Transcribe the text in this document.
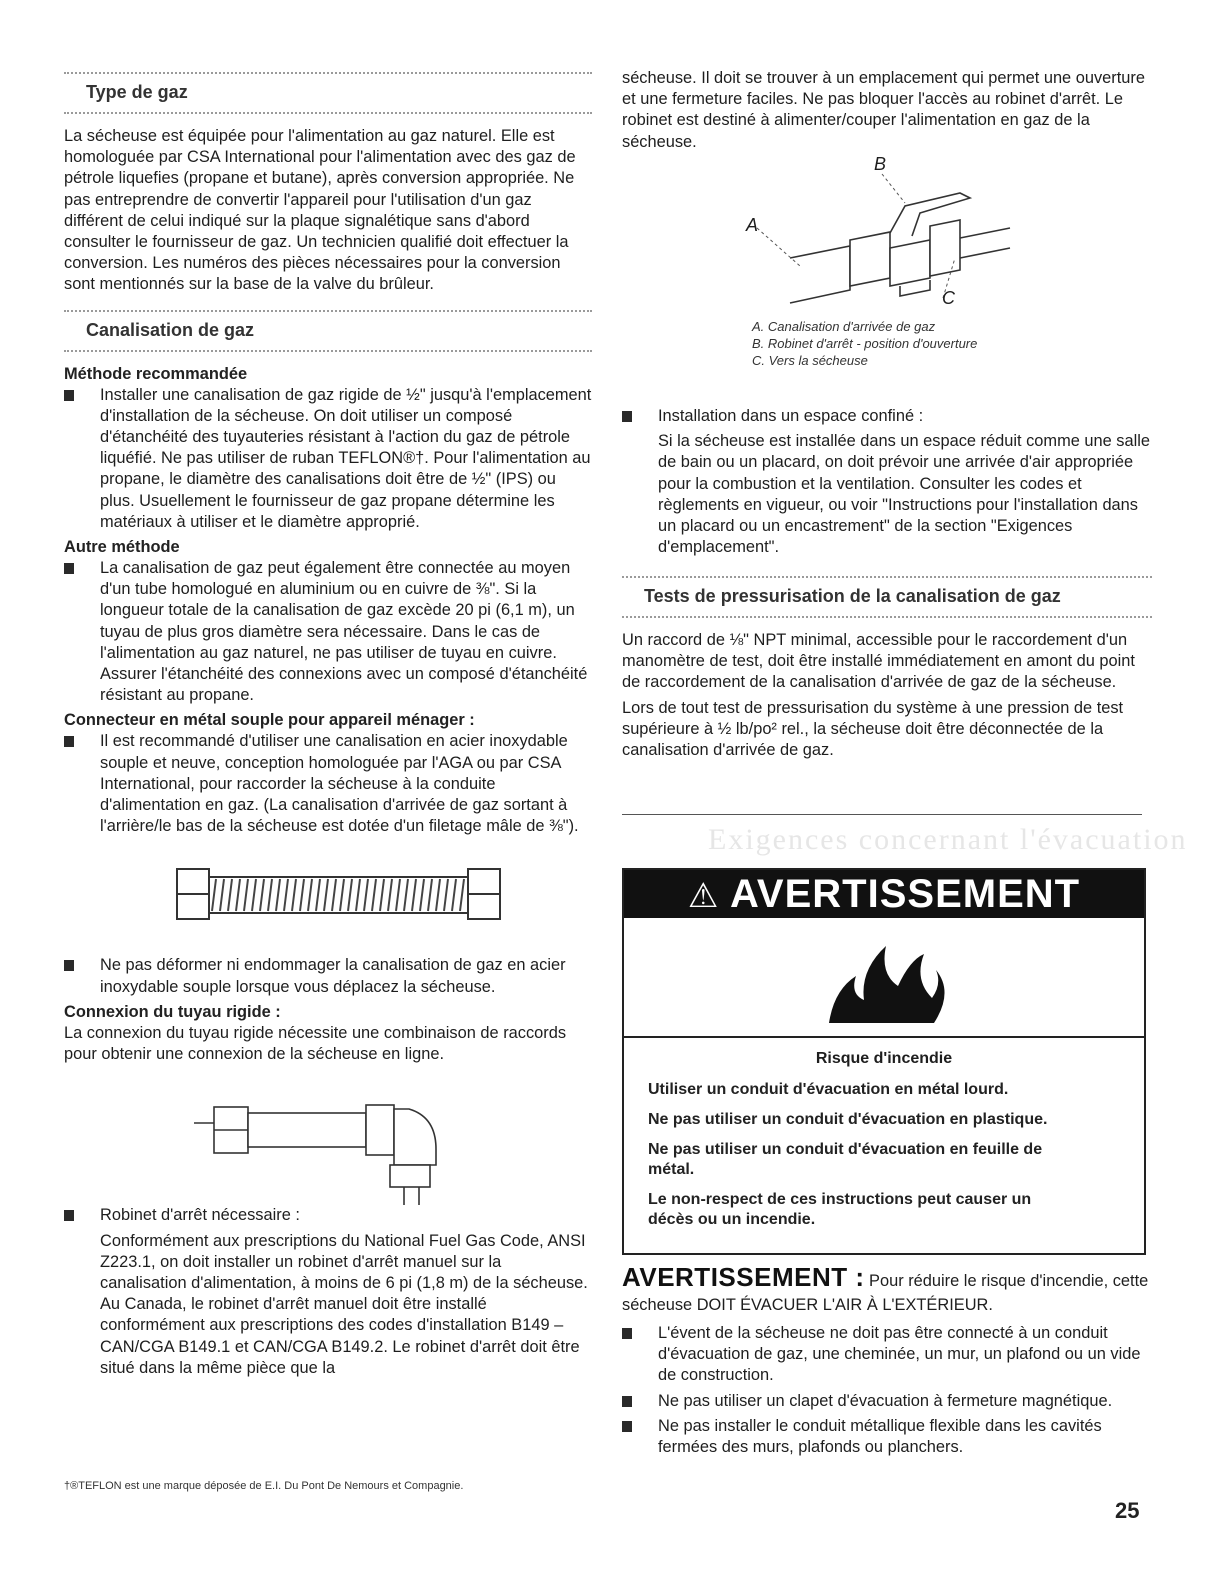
Type de gaz

La sécheuse est équipée pour l'alimentation au gaz naturel. Elle est homologuée par CSA International pour l'alimentation avec des gaz de pétrole liquefies (propane et butane), après conversion appropriée. Ne pas entreprendre de convertir l'appareil pour l'utilisation d'un gaz différent de celui indiqué sur la plaque signalétique sans d'abord consulter le fournisseur de gaz. Un technicien qualifié doit effectuer la conversion. Les numéros des pièces nécessaires pour la conversion sont mentionnés sur la base de la valve du brûleur.

Canalisation de gaz

Méthode recommandée

Installer une canalisation de gaz rigide de ½" jusqu'à l'emplacement d'installation de la sécheuse. On doit utiliser un composé d'étanchéité des tuyauteries résistant à l'action du gaz de pétrole liquéfié. Ne pas utiliser de ruban TEFLON®†. Pour l'alimentation au propane, le diamètre des canalisations doit être de ½" (IPS) ou plus. Usuellement le fournisseur de gaz propane détermine les matériaux à utiliser et le diamètre approprié.

Autre méthode

La canalisation de gaz peut également être connectée au moyen d'un tube homologué en aluminium ou en cuivre de ⅜". Si la longueur totale de la canalisation de gaz excède 20 pi (6,1 m), un tuyau de plus gros diamètre sera nécessaire. Dans le cas de l'alimentation au gaz naturel, ne pas utiliser de tuyau en cuivre. Assurer l'étanchéité des connexions avec un composé d'étanchéité résistant au propane.

Connecteur en métal souple pour appareil ménager :

Il est recommandé d'utiliser une canalisation en acier inoxydable souple et neuve, conception homologuée par l'AGA ou par CSA International, pour raccorder la sécheuse à la conduite d'alimentation en gaz. (La canalisation d'arrivée de gaz sortant à l'arrière/le bas de la sécheuse est dotée d'un filetage mâle de ⅜").

Ne pas déformer ni endommager la canalisation de gaz en acier inoxydable souple lorsque vous déplacez la sécheuse.

Connexion du tuyau rigide :

La connexion du tuyau rigide nécessite une combinaison de raccords pour obtenir une connexion de la sécheuse en ligne.

Robinet d'arrêt nécessaire :

Conformément aux prescriptions du National Fuel Gas Code, ANSI Z223.1, on doit installer un robinet d'arrêt manuel sur la canalisation d'alimentation, à moins de 6 pi (1,8 m) de la sécheuse. Au Canada, le robinet d'arrêt manuel doit être installé conformément aux prescriptions des codes d'installation B149 – CAN/CGA B149.1 et CAN/CGA B149.2. Le robinet d'arrêt doit être situé dans la même pièce que la

†®TEFLON est une marque déposée de E.I. Du Pont De Nemours et Compagnie.

sécheuse. Il doit se trouver à un emplacement qui permet une ouverture et une fermeture faciles. Ne pas bloquer l'accès au robinet d'arrêt. Le robinet est destiné à alimenter/couper l'alimentation en gaz de la sécheuse.

A
B
C
A. Canalisation d'arrivée de gaz
B. Robinet d'arrêt - position d'ouverture
C. Vers la sécheuse

Installation dans un espace confiné :

Si la sécheuse est installée dans un espace réduit comme une salle de bain ou un placard, on doit prévoir une arrivée d'air appropriée pour la combustion et la ventilation. Consulter les codes et règlements en vigueur, ou voir "Instructions pour l'installation dans un placard ou un encastrement" de la section "Exigences d'emplacement".

Tests de pressurisation de la canalisation de gaz

Un raccord de ⅛" NPT minimal, accessible pour le raccordement d'un manomètre de test, doit être installé immédiatement en amont du point de raccordement de la canalisation d'arrivée de gaz de la sécheuse.

Lors de tout test de pressurisation du système à une pression de test supérieure à ½ lb/po² rel., la sécheuse doit être déconnectée de la canalisation d'arrivée de gaz.

Exigences concernant l'évacuation
⚠ AVERTISSEMENT
Risque d'incendie

Utiliser un conduit d'évacuation en métal lourd.

Ne pas utiliser un conduit d'évacuation en plastique.

Ne pas utiliser un conduit d'évacuation en feuille de métal.

Le non-respect de ces instructions peut causer un décès ou un incendie.

AVERTISSEMENT : Pour réduire le risque d'incendie, cette sécheuse DOIT ÉVACUER L'AIR À L'EXTÉRIEUR.

L'évent de la sécheuse ne doit pas être connecté à un conduit d'évacuation de gaz, une cheminée, un mur, un plafond ou un vide de construction.

Ne pas utiliser un clapet d'évacuation à fermeture magnétique.

Ne pas installer le conduit métallique flexible dans les cavités fermées des murs, plafonds ou planchers.

25
